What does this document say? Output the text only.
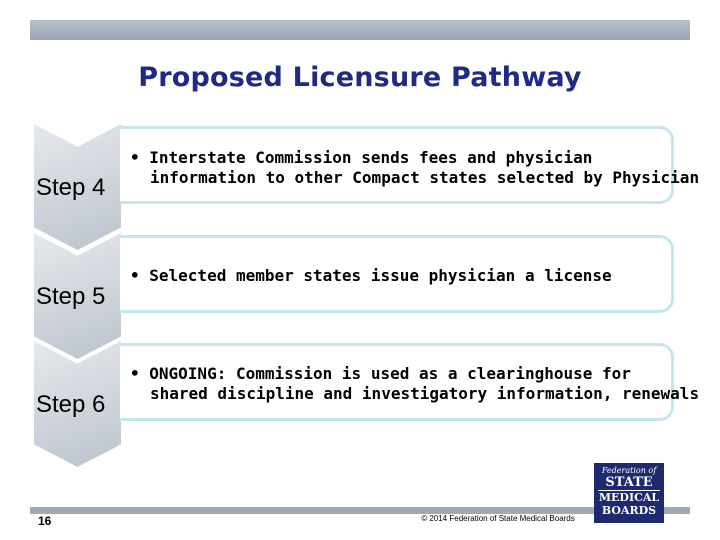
Proposed Licensure Pathway
Step 4
• Interstate Commission sends fees and physician
information to other Compact states selected by Physician
Step 5
• Selected member states issue physician a license
Step 6
• ONGOING: Commission is used as a clearinghouse for
shared discipline and investigatory information, renewals
16	© 2014 Federation of State Medical Boards
Federation of
STATE
MEDICAL
BOARDS
